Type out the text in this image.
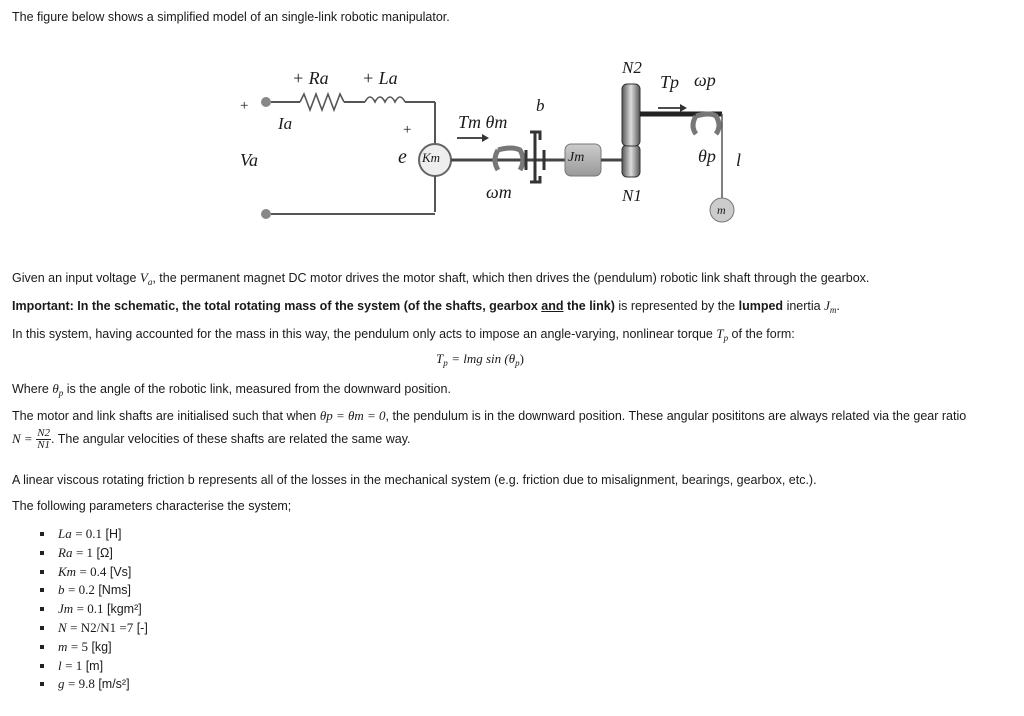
The figure below shows a simplified model of an single-link robotic manipulator.
+
+ Ra + La
Ia
Va
+
e Km
Tm θm
b
Jm
ωm
N2
N1
Tp ωp
θp l
m
Given an input voltage $V_a$, the permanent magnet DC motor drives the motor shaft, which then drives the (pendulum) robotic link shaft through the gearbox.
Important: In the schematic, the total rotating mass of the system (of the shafts, gearbox and the link) is represented by the lumped inertia $J_m$.
In this system, having accounted for the mass in this way, the pendulum only acts to impose an angle-varying, nonlinear torque $T_p$ of the form:
$T_p$ = lmg $\sin (\theta_p)$
Where $\theta_p$ is the angle of the robotic link, measured from the downward position.
The motor and link shafts are initialised such that when θp = θm = 0, the pendulum is in the downward position. These angular posititons are always related via the gear ratio
$N = \frac{N2}{N1}$ . The angular velocities of these shafts are related the same way.
A linear viscous rotating friction b represents all of the losses in the mechanical system (e.g. friction due to misalignment, bearings, gearbox, etc.).
The following parameters characterise the system;
La = 0.1 [H]
Ra = 1 [Ω]
Km = 0.4 [Vs]
b = 0.2 [Nms]
Jm = 0.1 [kgm²]
N = N2/N1 =7 [-]
m = 5 [kg]
l = 1 [m]
g = 9.8 [m/s²]
